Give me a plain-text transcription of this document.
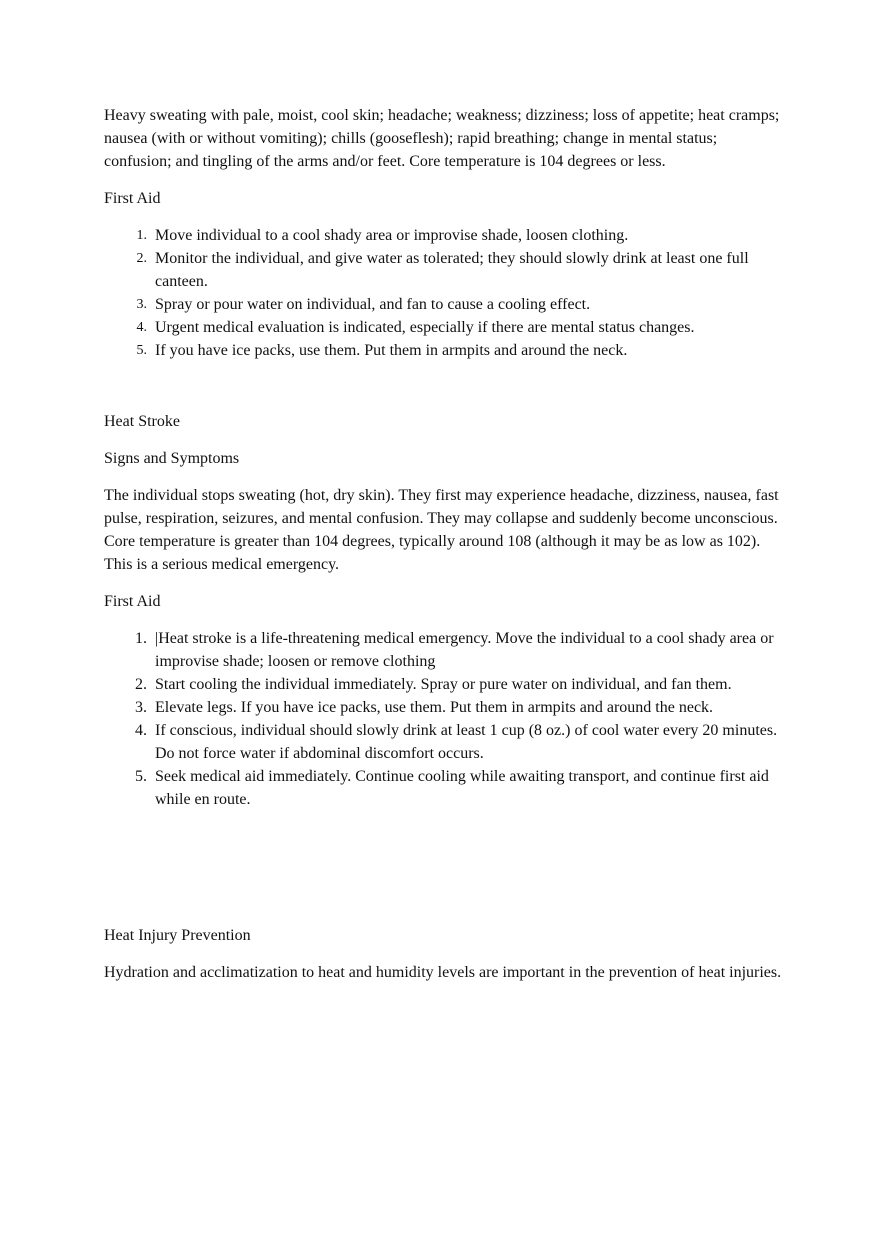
Heavy sweating with pale, moist, cool skin; headache; weakness; dizziness; loss of appetite; heat cramps; nausea (with or without vomiting); chills (gooseflesh); rapid breathing; change in mental status; confusion; and tingling of the arms and/or feet. Core temperature is 104 degrees or less.

First Aid

1. Move individual to a cool shady area or improvise shade, loosen clothing.
2. Monitor the individual, and give water as tolerated; they should slowly drink at least one full canteen.
3. Spray or pour water on individual, and fan to cause a cooling effect.
4. Urgent medical evaluation is indicated, especially if there are mental status changes.
5. If you have ice packs, use them. Put them in armpits and around the neck.

Heat Stroke

Signs and Symptoms

The individual stops sweating (hot, dry skin). They first may experience headache, dizziness, nausea, fast pulse, respiration, seizures, and mental confusion. They may collapse and suddenly become unconscious. Core temperature is greater than 104 degrees, typically around 108 (although it may be as low as 102). This is a serious medical emergency.

First Aid

1. |Heat stroke is a life-threatening medical emergency. Move the individual to a cool shady area or improvise shade; loosen or remove clothing
2. Start cooling the individual immediately. Spray or pure water on individual, and fan them.
3. Elevate legs. If you have ice packs, use them. Put them in armpits and around the neck.
4. If conscious, individual should slowly drink at least 1 cup (8 oz.) of cool water every 20 minutes. Do not force water if abdominal discomfort occurs.
5. Seek medical aid immediately. Continue cooling while awaiting transport, and continue first aid while en route.

Heat Injury Prevention

Hydration and acclimatization to heat and humidity levels are important in the prevention of heat injuries.
